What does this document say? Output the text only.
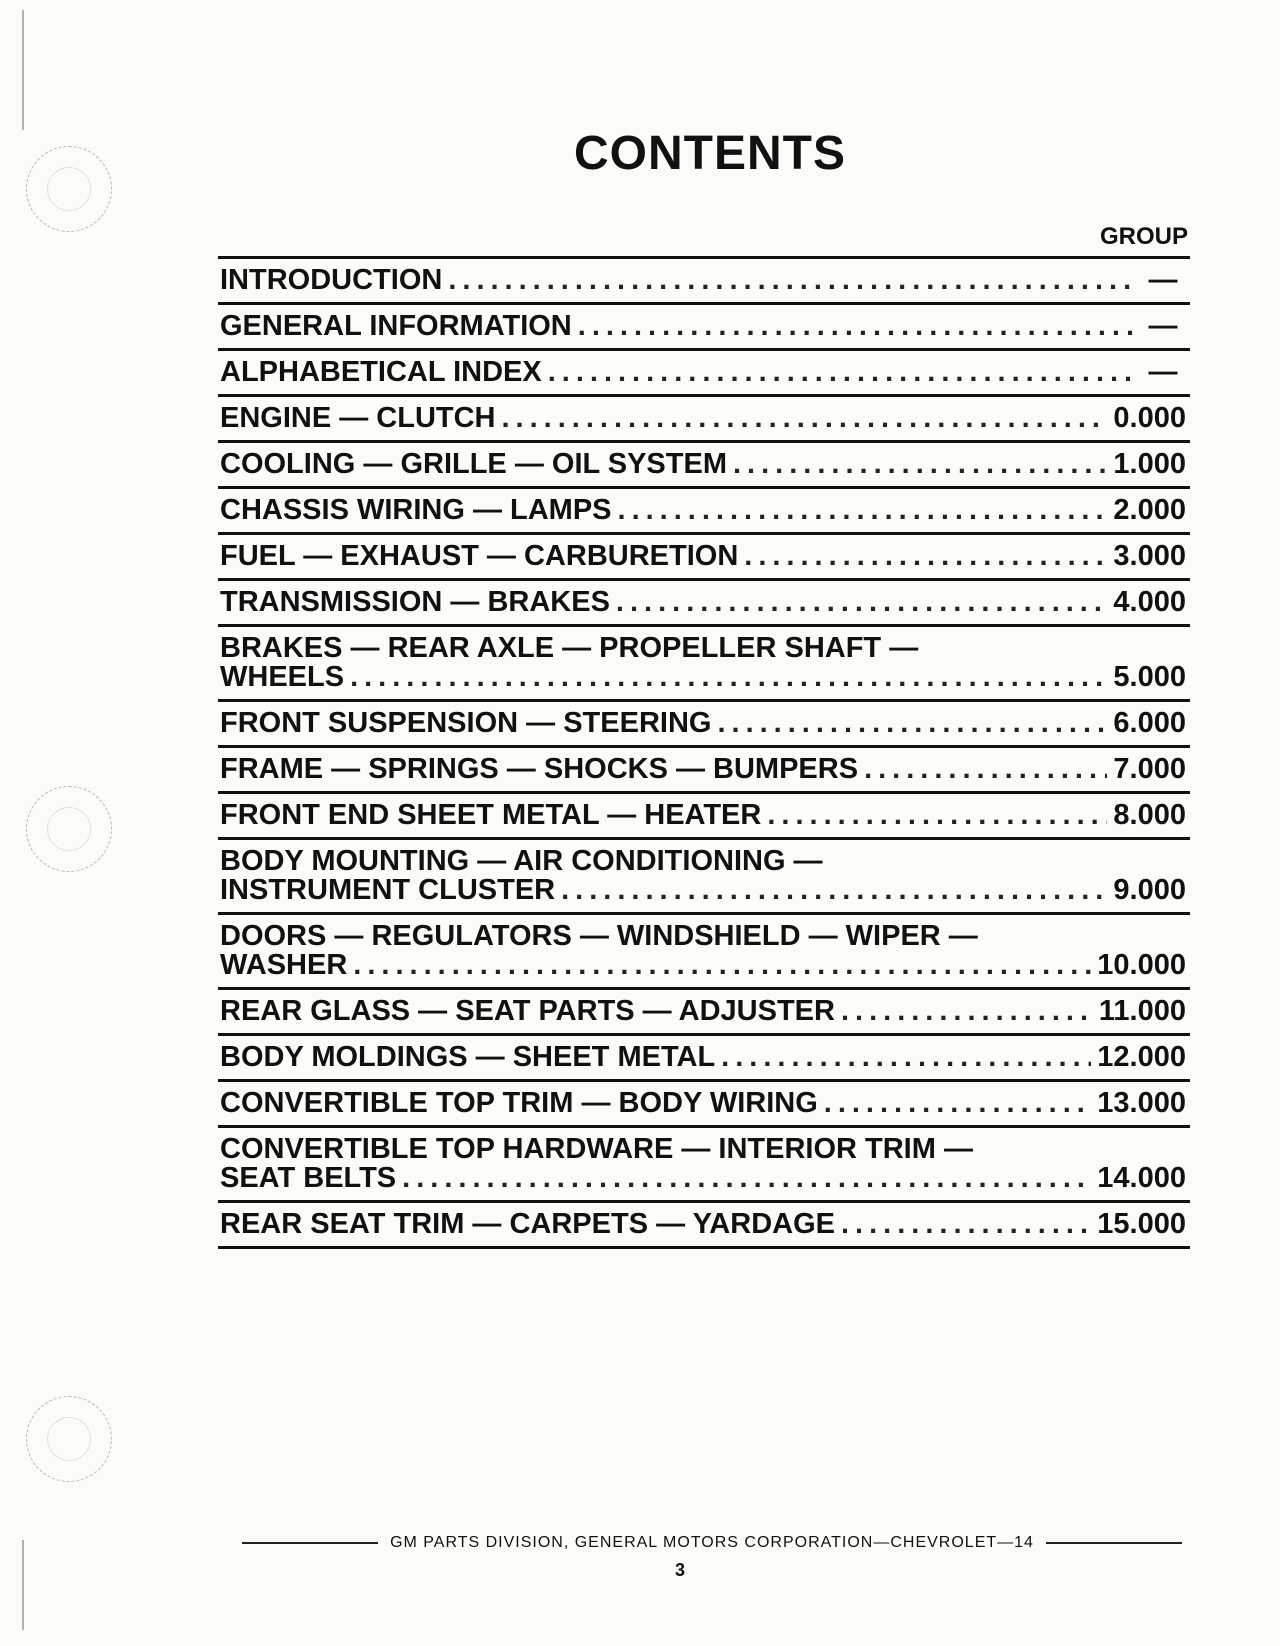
CONTENTS
GROUP
INTRODUCTION .....	—
GENERAL INFORMATION .....	—
ALPHABETICAL INDEX .....	—
ENGINE — CLUTCH .....	0.000
COOLING — GRILLE — OIL SYSTEM .....	1.000
CHASSIS WIRING — LAMPS .....	2.000
FUEL — EXHAUST — CARBURETION .....	3.000
TRANSMISSION — BRAKES .....	4.000
BRAKES — REAR AXLE — PROPELLER SHAFT —
WHEELS .....	5.000
FRONT SUSPENSION — STEERING .....	6.000
FRAME — SPRINGS — SHOCKS — BUMPERS .....	7.000
FRONT END SHEET METAL — HEATER .....	8.000
BODY MOUNTING — AIR CONDITIONING —
INSTRUMENT CLUSTER .....	9.000
DOORS — REGULATORS — WINDSHIELD — WIPER —
WASHER .....	10.000
REAR GLASS — SEAT PARTS — ADJUSTER .....	11.000
BODY MOLDINGS — SHEET METAL .....	12.000
CONVERTIBLE TOP TRIM — BODY WIRING .....	13.000
CONVERTIBLE TOP HARDWARE — INTERIOR TRIM —
SEAT BELTS .....	14.000
REAR SEAT TRIM — CARPETS — YARDAGE .....	15.000
GM PARTS DIVISION, GENERAL MOTORS CORPORATION—CHEVROLET—14
3
